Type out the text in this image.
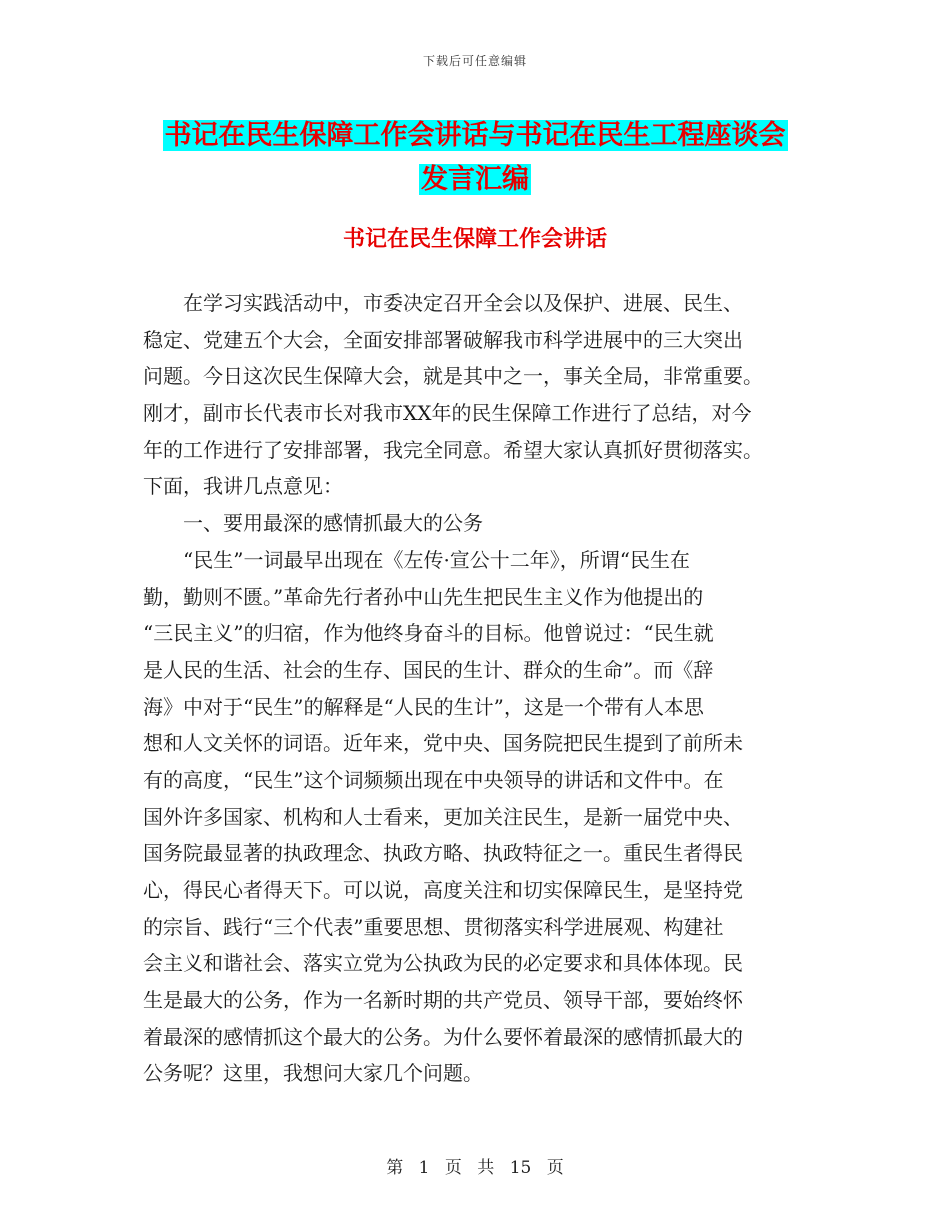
下载后可任意编辑
书记在民生保障工作会讲话与书记在民生工程座谈会
发言汇编
书记在民生保障工作会讲话
在学习实践活动中，市委决定召开全会以及保护、进展、民生、
稳定、党建五个大会，全面安排部署破解我市科学进展中的三大突出
问题。今日这次民生保障大会，就是其中之一，事关全局，非常重要。
刚才，副市长代表市长对我市XX年的民生保障工作进行了总结，对今
年的工作进行了安排部署，我完全同意。希望大家认真抓好贯彻落实。
下面，我讲几点意见：
一、要用最深的感情抓最大的公务
“民生”一词最早出现在《左传·宣公十二年》，所谓“民生在
勤，勤则不匮。”革命先行者孙中山先生把民生主义作为他提出的
“三民主义”的归宿，作为他终身奋斗的目标。他曾说过：“民生就
是人民的生活、社会的生存、国民的生计、群众的生命”。而《辞
海》中对于“民生”的解释是“人民的生计”，这是一个带有人本思
想和人文关怀的词语。近年来，党中央、国务院把民生提到了前所未
有的高度，“民生”这个词频频出现在中央领导的讲话和文件中。在
国外许多国家、机构和人士看来，更加关注民生，是新一届党中央、
国务院最显著的执政理念、执政方略、执政特征之一。重民生者得民
心，得民心者得天下。可以说，高度关注和切实保障民生，是坚持党
的宗旨、践行“三个代表”重要思想、贯彻落实科学进展观、构建社
会主义和谐社会、落实立党为公执政为民的必定要求和具体体现。民
生是最大的公务，作为一名新时期的共产党员、领导干部，要始终怀
着最深的感情抓这个最大的公务。为什么要怀着最深的感情抓最大的
公务呢？这里，我想问大家几个问题。
第 1 页 共 15 页
